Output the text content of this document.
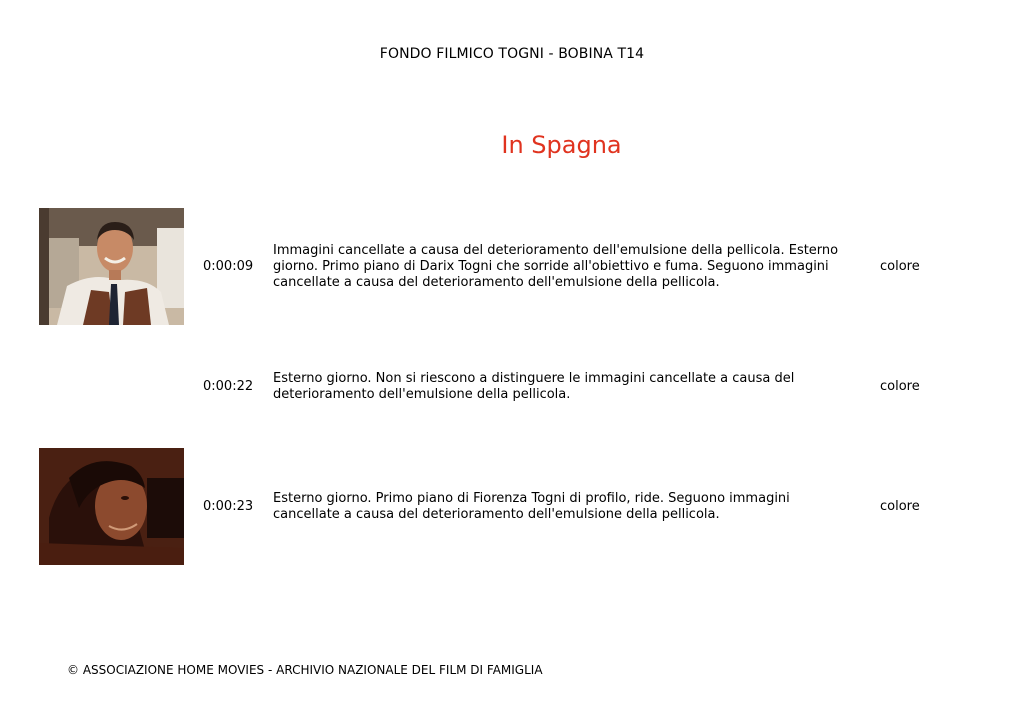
FONDO FILMICO TOGNI - BOBINA T14
In Spagna
0:00:09
Immagini cancellate a causa del deterioramento dell'emulsione della pellicola. Esterno giorno. Primo piano di Darix Togni che sorride all'obiettivo e fuma. Seguono immagini cancellate a causa del deterioramento dell'emulsione della pellicola.
colore
0:00:22
Esterno giorno. Non si riescono a distinguere le immagini cancellate a causa del deterioramento dell'emulsione della pellicola.
colore
0:00:23
Esterno giorno. Primo piano di Fiorenza Togni di profilo, ride. Seguono immagini cancellate a causa del deterioramento dell'emulsione della pellicola.
colore
© ASSOCIAZIONE HOME MOVIES - ARCHIVIO NAZIONALE DEL FILM DI FAMIGLIA
